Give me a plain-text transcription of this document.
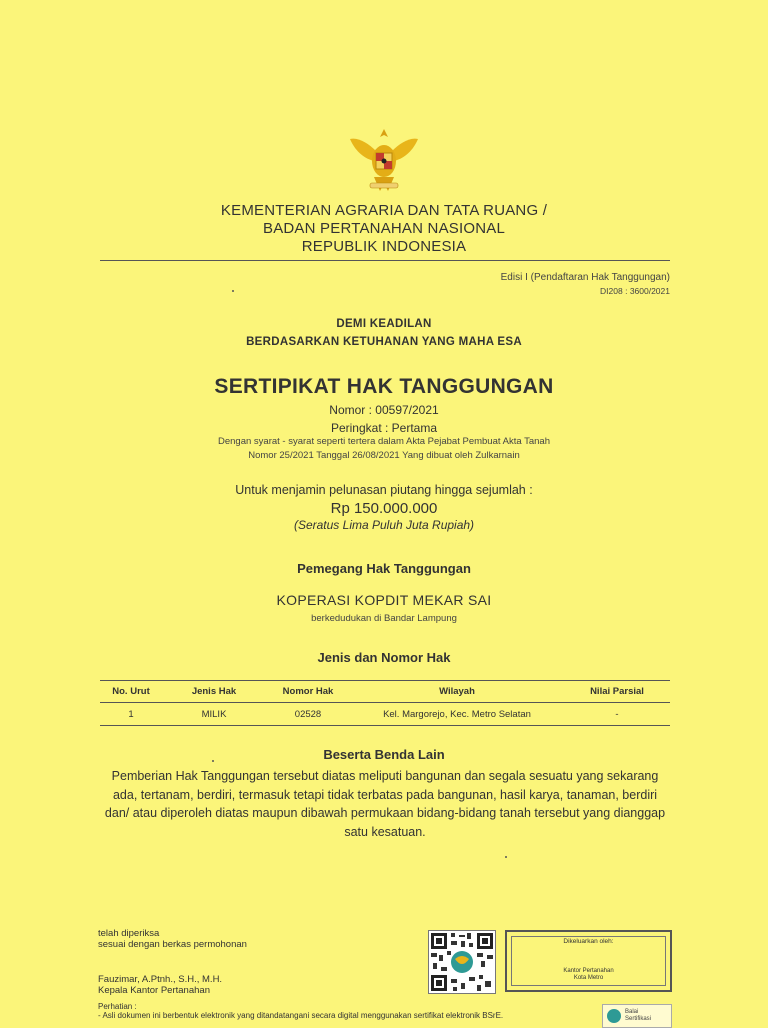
KEMENTERIAN AGRARIA DAN TATA RUANG /
BADAN PERTANAHAN NASIONAL
REPUBLIK INDONESIA
Edisi I (Pendaftaran Hak Tanggungan)
DI208 : 3600/2021
DEMI KEADILAN
BERDASARKAN KETUHANAN YANG MAHA ESA
SERTIPIKAT HAK TANGGUNGAN
Nomor : 00597/2021
Peringkat : Pertama
Dengan syarat - syarat seperti tertera dalam Akta Pejabat Pembuat Akta Tanah
Nomor 25/2021 Tanggal 26/08/2021 Yang dibuat oleh Zulkarnain
Untuk menjamin pelunasan piutang hingga sejumlah :
Rp 150.000.000
(Seratus Lima Puluh Juta Rupiah)
Pemegang Hak Tanggungan
KOPERASI KOPDIT MEKAR SAI
berkedudukan di Bandar Lampung
Jenis dan Nomor Hak
No. Urut	Jenis Hak	Nomor Hak	Wilayah	Nilai Parsial
1	MILIK	02528	Kel. Margorejo, Kec. Metro Selatan	-
Beserta Benda Lain
Pemberian Hak Tanggungan tersebut diatas meliputi bangunan dan segala sesuatu yang sekarang
ada, tertanam, berdiri, termasuk tetapi tidak terbatas pada bangunan, hasil karya, tanaman, berdiri
dan/ atau diperoleh diatas maupun dibawah permukaan bidang-bidang tanah tersebut yang dianggap
satu kesatuan.
telah diperiksa
sesuai dengan berkas permohonan
Fauzimar, A.Ptnh., S.H., M.H.
Kepala Kantor Pertanahan
Perhatian :
- Asli dokumen ini berbentuk elektronik yang ditandatangani secara digital menggunakan sertifikat elektronik BSrE.
Dikeluarkan oleh:
Kantor Pertanahan
Kota Metro
Balai
Sertifikasi
